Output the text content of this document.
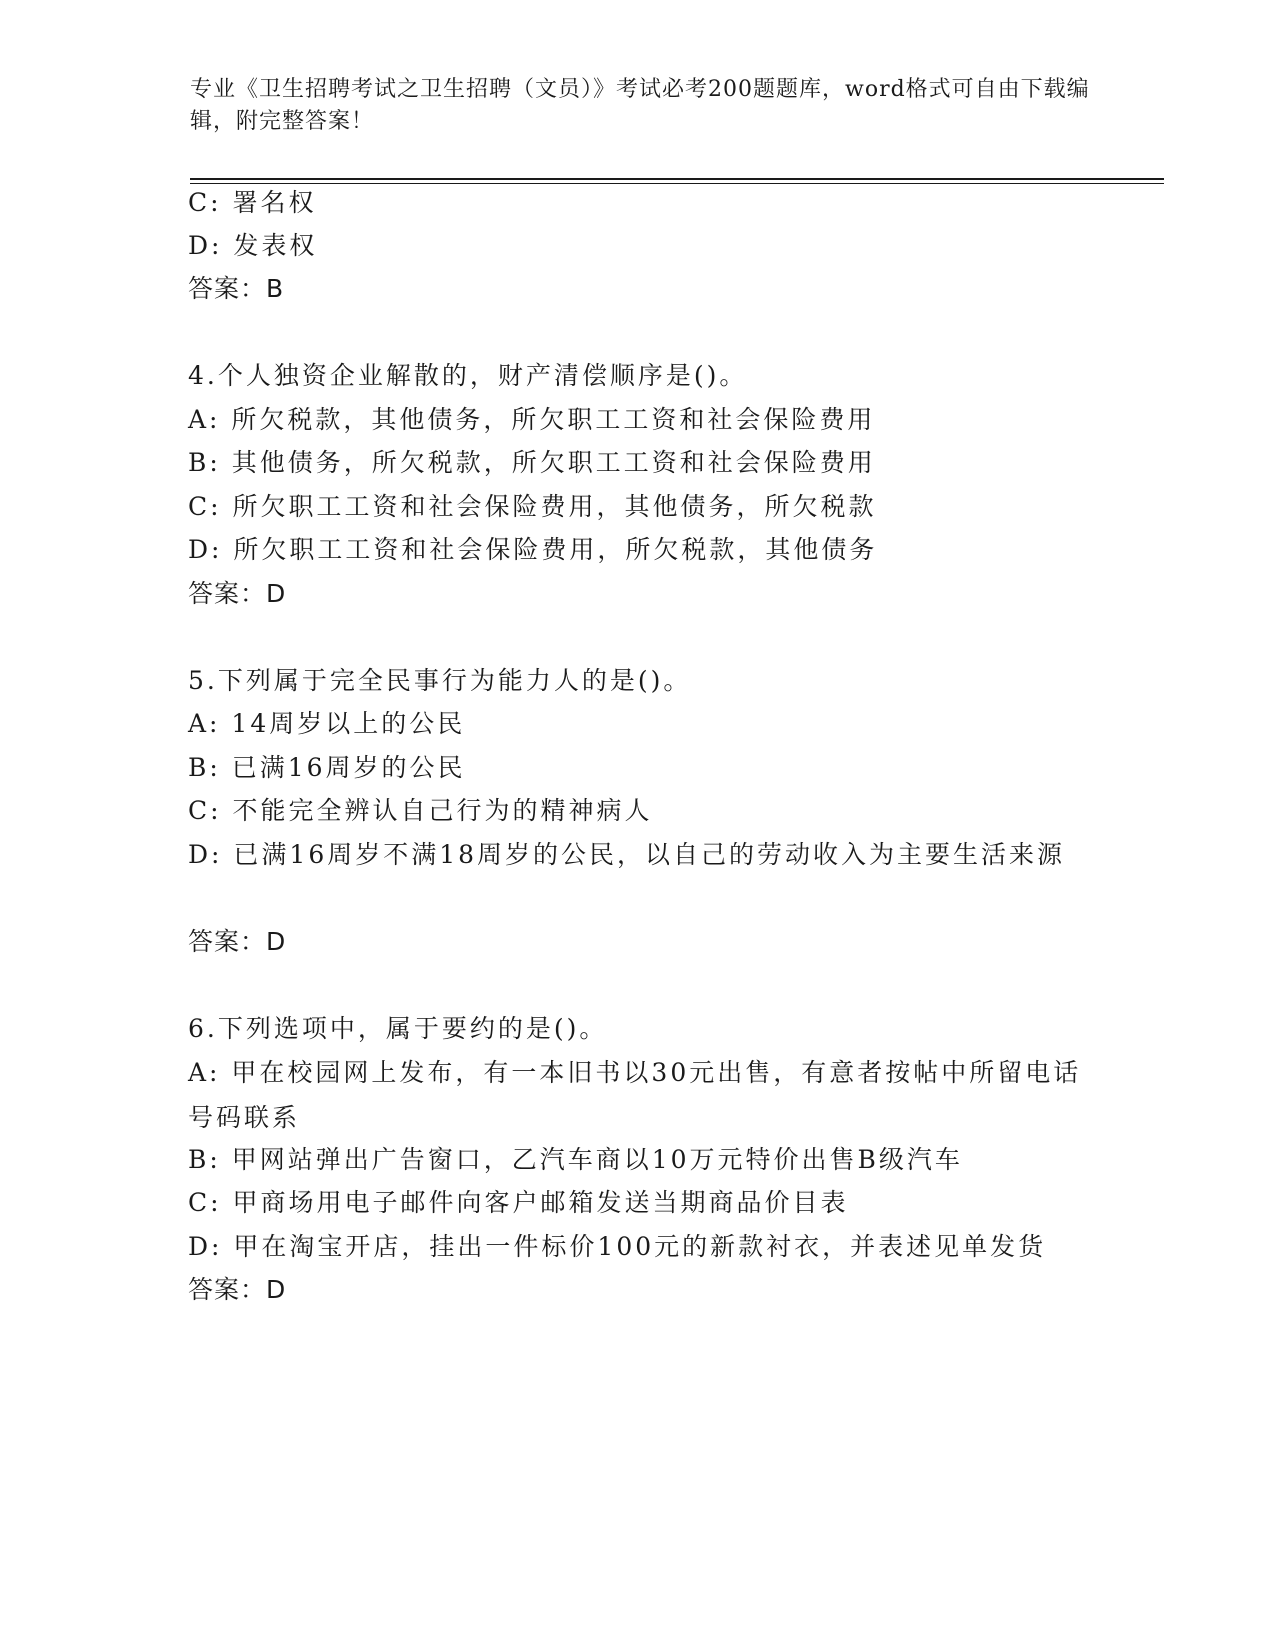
专业《卫生招聘考试之卫生招聘（文员）》考试必考200题题库，word格式可自由下载编辑，附完整答案！
C: 署名权
D: 发表权
答案：B
4.个人独资企业解散的，财产清偿顺序是()。
A: 所欠税款，其他债务，所欠职工工资和社会保险费用
B: 其他债务，所欠税款，所欠职工工资和社会保险费用
C: 所欠职工工资和社会保险费用，其他债务，所欠税款
D: 所欠职工工资和社会保险费用，所欠税款，其他债务
答案：D
5.下列属于完全民事行为能力人的是()。
A: 14周岁以上的公民
B: 已满16周岁的公民
C: 不能完全辨认自己行为的精神病人
D: 已满16周岁不满18周岁的公民，以自己的劳动收入为主要生活来源
答案：D
6.下列选项中，属于要约的是()。
A: 甲在校园网上发布，有一本旧书以30元出售，有意者按帖中所留电话号码联系
B: 甲网站弹出广告窗口，乙汽车商以10万元特价出售B级汽车
C: 甲商场用电子邮件向客户邮箱发送当期商品价目表
D: 甲在淘宝开店，挂出一件标价100元的新款衬衣，并表述见单发货
答案：D
